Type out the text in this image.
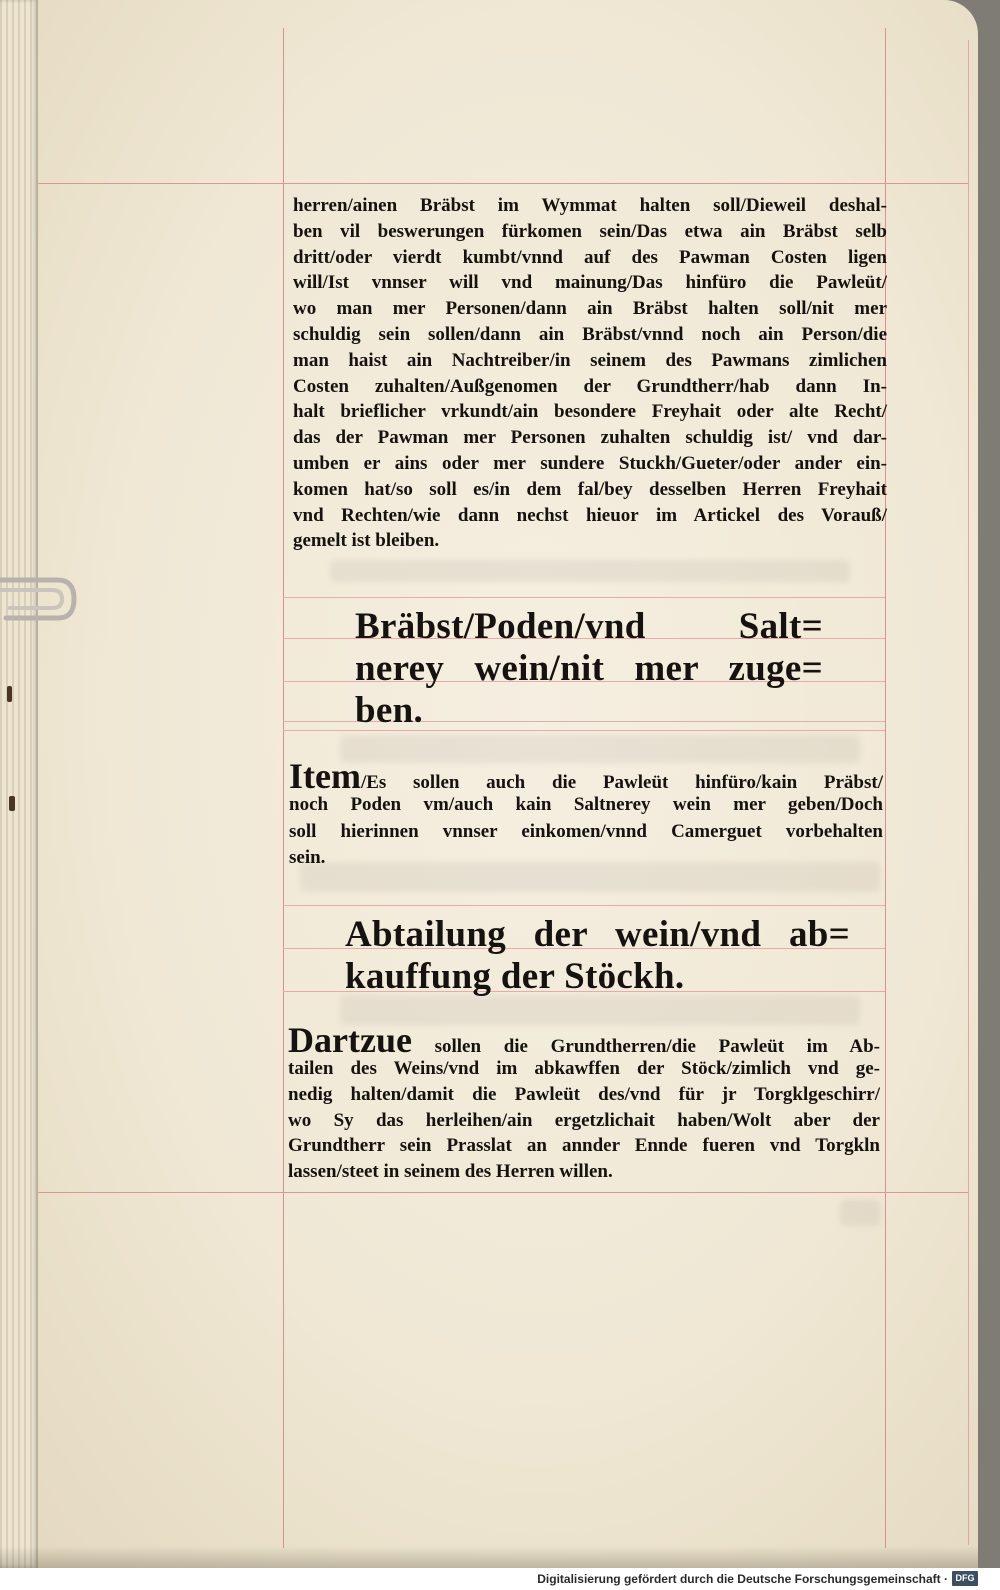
herren/ainen Bräbst im Wymmat halten soll/Dieweil deshal-
ben vil beswerungen fürkomen sein/Das etwa ain Bräbst selb
dritt/oder vierdt kumbt/vnnd auf des Pawman Costen ligen
will/Ist vnnser will vnd mainung/Das hinfüro die Pawleüt/
wo man mer Personen/dann ain Bräbst halten soll/nit mer
schuldig sein sollen/dann ain Bräbst/vnnd noch ain Person/die
man haist ain Nachtreiber/in seinem des Pawmans zimlichen
Costen zuhalten/Außgenomen der Grundtherr/hab dann In-
halt brieflicher vrkundt/ain besondere Freyhait oder alte Recht/
das der Pawman mer Personen zuhalten schuldig ist/ vnd dar-
umben er ains oder mer sundere Stuckh/Gueter/oder ander ein-
komen hat/so soll es/in dem fal/bey desselben Herren Freyhait
vnd Rechten/wie dann nechst hieuor im Artickel des Vorauß/
gemelt ist bleiben.
Bräbst/Poden/vnd Salt=
nerey wein/nit mer zuge=
ben.
Item /Es sollen auch die Pawleüt hinfüro/kain Präbst/
noch Poden vm/auch kain Saltnerey wein mer geben/Doch
soll hierinnen vnnser einkomen/vnnd Camerguet vorbehalten
sein.
Abtailung der wein/vnd ab=
kauffung der Stöckh.
Dartzue sollen die Grundtherren/die Pawleüt im Ab-
tailen des Weins/vnd im abkawffen der Stöck/zimlich vnd ge-
nedig halten/damit die Pawleüt des/vnd für jr Torgklgeschirr/
wo Sy das herleihen/ain ergetzlichait haben/Wolt aber der
Grundtherr sein Prasslat an annder Ennde fueren vnd Torgkln
lassen/steet in seinem des Herren willen.
Digitalisierung gefördert durch die Deutsche Forschungsgemeinschaft · DFG
